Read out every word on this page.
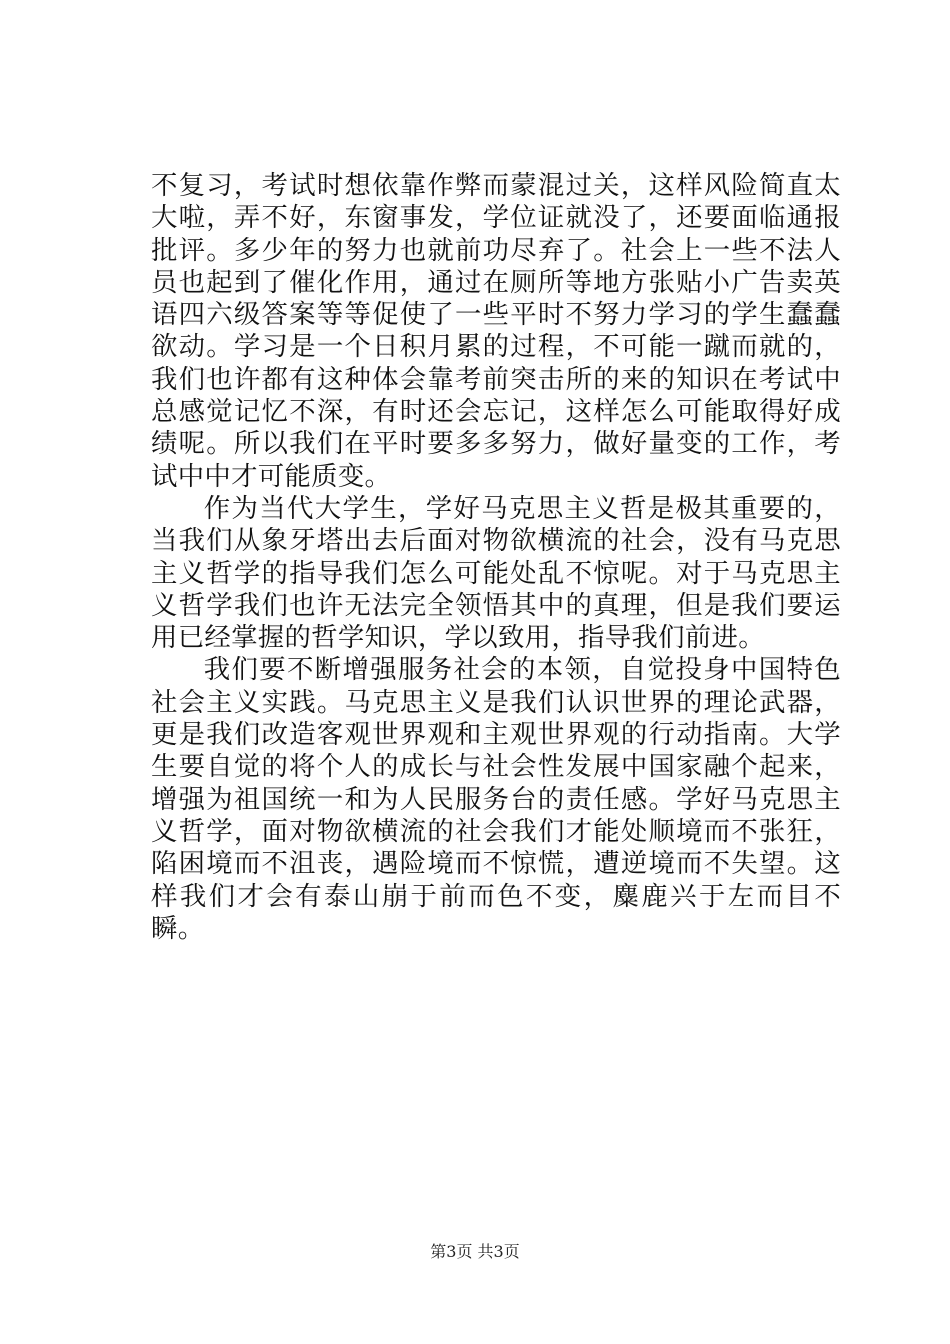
不复习，考试时想依靠作弊而蒙混过关，这样风险简直太大啦，弄不好，东窗事发，学位证就没了，还要面临通报批评。多少年的努力也就前功尽弃了。社会上一些不法人员也起到了催化作用，通过在厕所等地方张贴小广告卖英语四六级答案等等促使了一些平时不努力学习的学生蠢蠢欲动。学习是一个日积月累的过程，不可能一蹴而就的，我们也许都有这种体会靠考前突击所的来的知识在考试中总感觉记忆不深，有时还会忘记，这样怎么可能取得好成绩呢。所以我们在平时要多多努力，做好量变的工作，考试中中才可能质变。

作为当代大学生，学好马克思主义哲是极其重要的，当我们从象牙塔出去后面对物欲横流的社会，没有马克思主义哲学的指导我们怎么可能处乱不惊呢。对于马克思主义哲学我们也许无法完全领悟其中的真理，但是我们要运用已经掌握的哲学知识，学以致用，指导我们前进。

我们要不断增强服务社会的本领，自觉投身中国特色社会主义实践。马克思主义是我们认识世界的理论武器，更是我们改造客观世界观和主观世界观的行动指南。大学生要自觉的将个人的成长与社会性发展中国家融个起来，增强为祖国统一和为人民服务台的责任感。学好马克思主义哲学，面对物欲横流的社会我们才能处顺境而不张狂，陷困境而不沮丧，遇险境而不惊慌，遭逆境而不失望。这样我们才会有泰山崩于前而色不变，麋鹿兴于左而目不瞬。

第3页 共3页
